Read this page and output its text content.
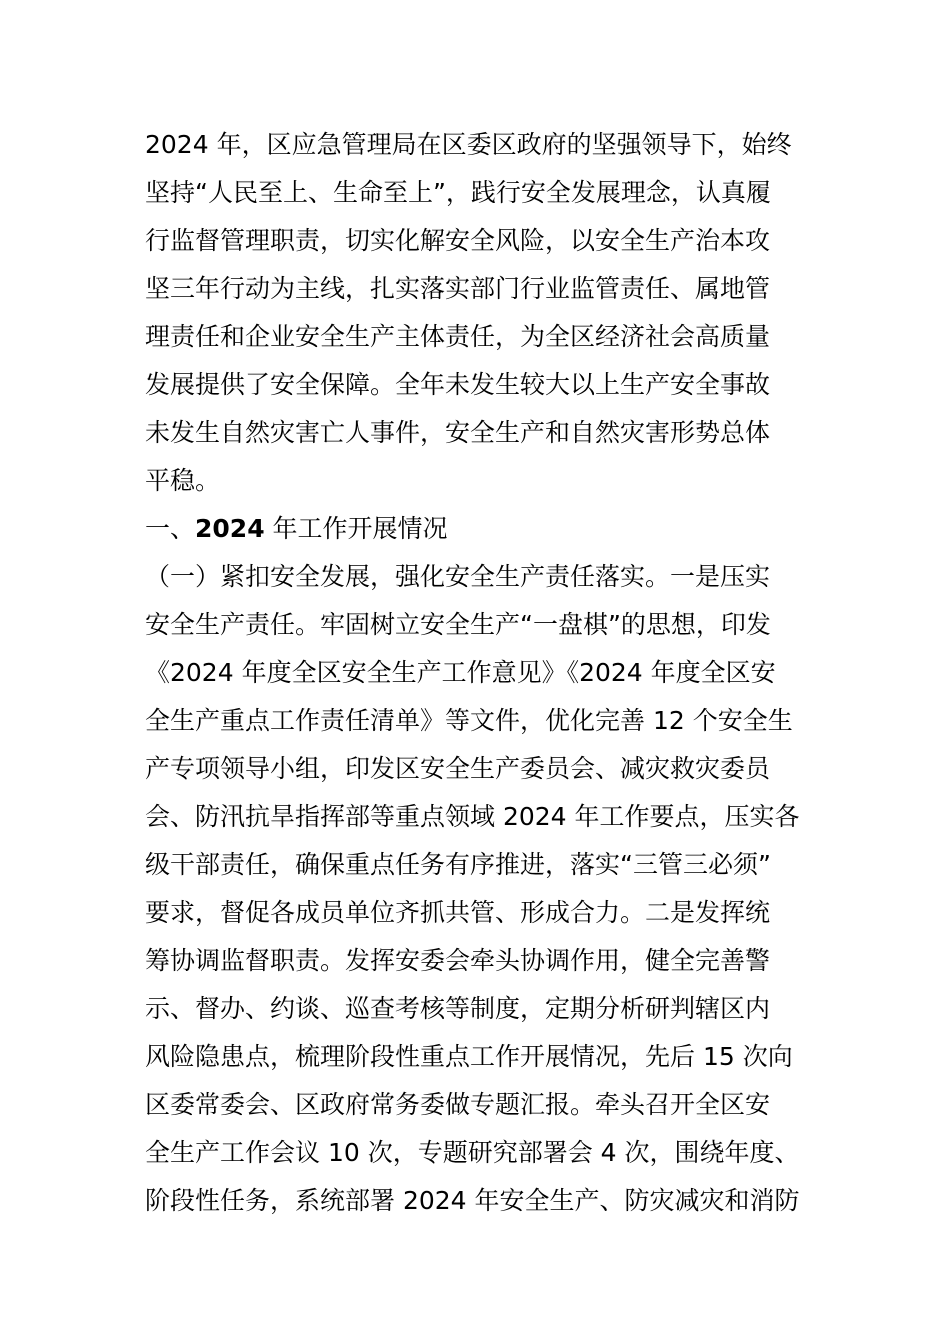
2024 年，区应急管理局在区委区政府的坚强领导下，始终
坚持“人民至上、生命至上”，践行安全发展理念，认真履
行监督管理职责，切实化解安全风险，以安全生产治本攻
坚三年行动为主线，扎实落实部门行业监管责任、属地管
理责任和企业安全生产主体责任，为全区经济社会高质量
发展提供了安全保障。全年未发生较大以上生产安全事故
未发生自然灾害亡人事件，安全生产和自然灾害形势总体
平稳。
一、2024 年工作开展情况
（一）紧扣安全发展，强化安全生产责任落实。一是压实
安全生产责任。牢固树立安全生产“一盘棋”的思想，印发
《2024 年度全区安全生产工作意见》《2024 年度全区安
全生产重点工作责任清单》等文件，优化完善 12 个安全生
产专项领导小组，印发区安全生产委员会、减灾救灾委员
会、防汛抗旱指挥部等重点领域 2024 年工作要点，压实各
级干部责任，确保重点任务有序推进，落实“三管三必须”
要求，督促各成员单位齐抓共管、形成合力。二是发挥统
筹协调监督职责。发挥安委会牵头协调作用，健全完善警
示、督办、约谈、巡查考核等制度，定期分析研判辖区内
风险隐患点，梳理阶段性重点工作开展情况，先后 15 次向
区委常委会、区政府常务委做专题汇报。牵头召开全区安
全生产工作会议 10 次，专题研究部署会 4 次，围绕年度、
阶段性任务，系统部署 2024 年安全生产、防灾减灾和消防
